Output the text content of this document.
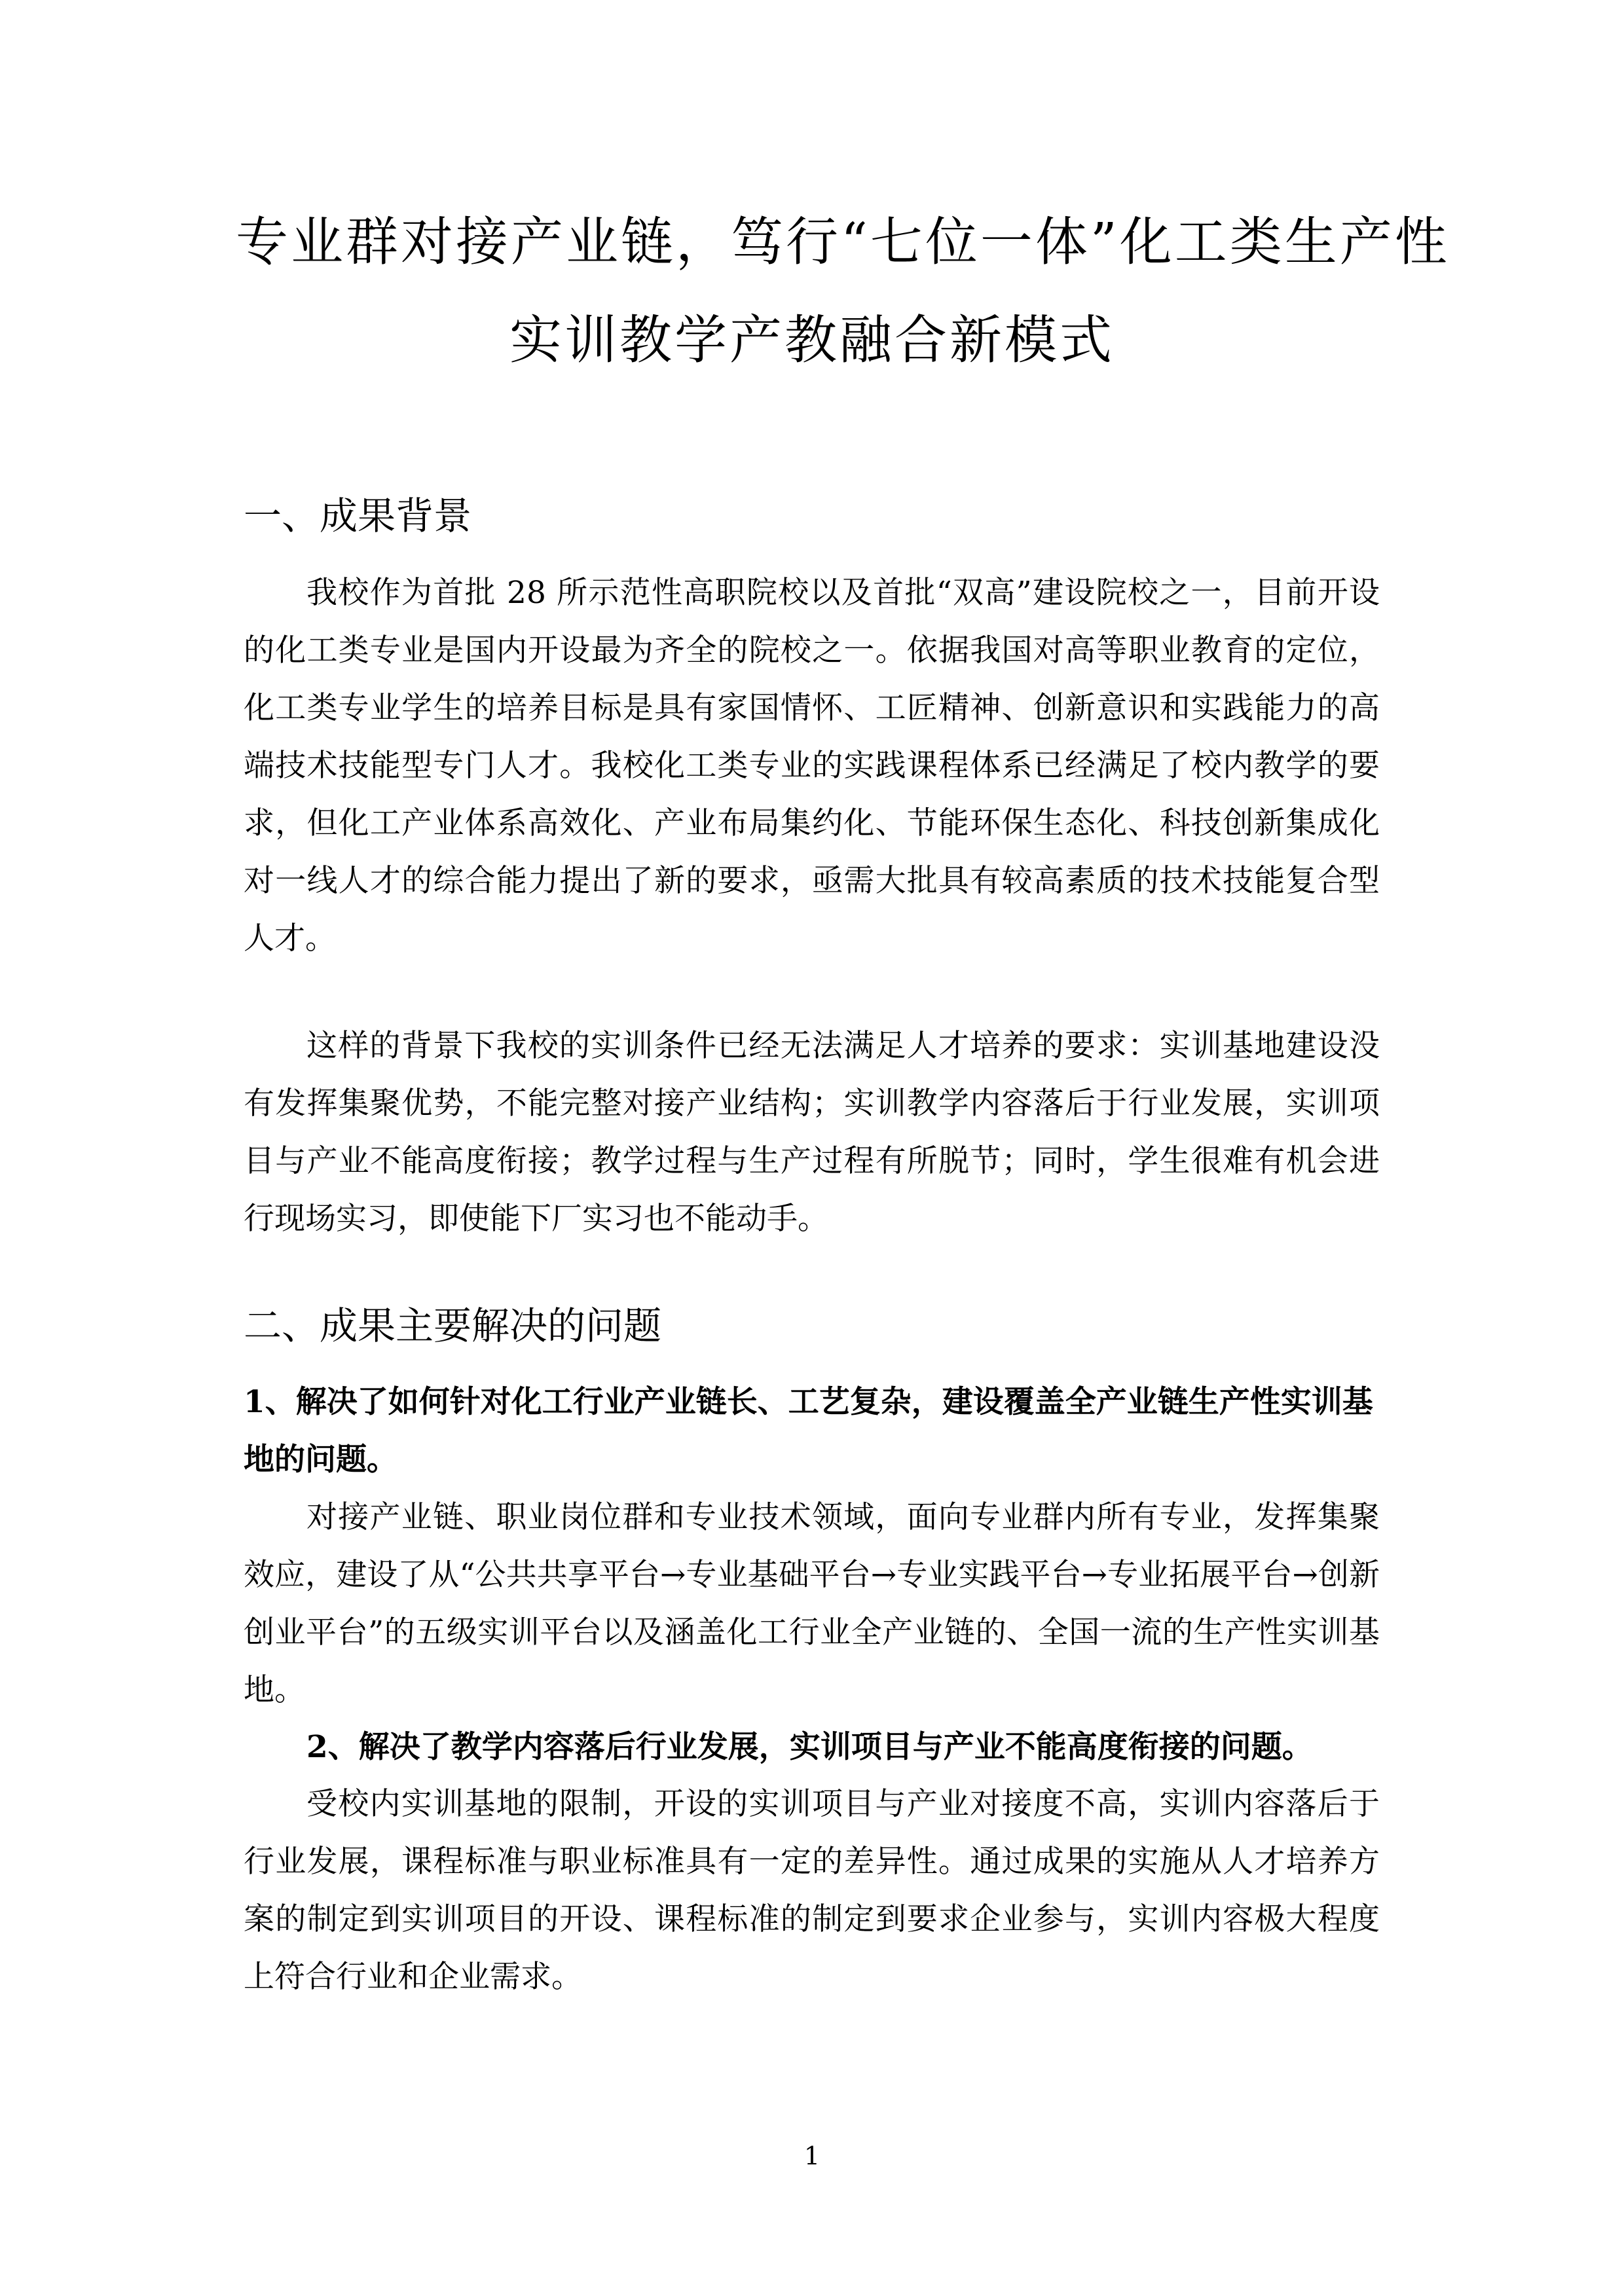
专业群对接产业链，笃行“七位一体”化工类生产性
实训教学产教融合新模式
一、成果背景
我校作为首批 28 所示范性高职院校以及首批“双高”建设院校之一，目前开设的化工类专业是国内开设最为齐全的院校之一。依据我国对高等职业教育的定位，化工类专业学生的培养目标是具有家国情怀、工匠精神、创新意识和实践能力的高端技术技能型专门人才。我校化工类专业的实践课程体系已经满足了校内教学的要求，但化工产业体系高效化、产业布局集约化、节能环保生态化、科技创新集成化对一线人才的综合能力提出了新的要求，亟需大批具有较高素质的技术技能复合型人才。
这样的背景下我校的实训条件已经无法满足人才培养的要求：实训基地建设没有发挥集聚优势，不能完整对接产业结构；实训教学内容落后于行业发展，实训项目与产业不能高度衔接；教学过程与生产过程有所脱节；同时，学生很难有机会进行现场实习，即使能下厂实习也不能动手。
二、成果主要解决的问题
1、解决了如何针对化工行业产业链长、工艺复杂，建设覆盖全产业链生产性实训基地的问题。
对接产业链、职业岗位群和专业技术领域，面向专业群内所有专业，发挥集聚效应，建设了从“公共共享平台→专业基础平台→专业实践平台→专业拓展平台→创新创业平台”的五级实训平台以及涵盖化工行业全产业链的、全国一流的生产性实训基地。
2、解决了教学内容落后行业发展，实训项目与产业不能高度衔接的问题。
受校内实训基地的限制，开设的实训项目与产业对接度不高，实训内容落后于行业发展，课程标准与职业标准具有一定的差异性。通过成果的实施从人才培养方案的制定到实训项目的开设、课程标准的制定到要求企业参与，实训内容极大程度上符合行业和企业需求。
1
